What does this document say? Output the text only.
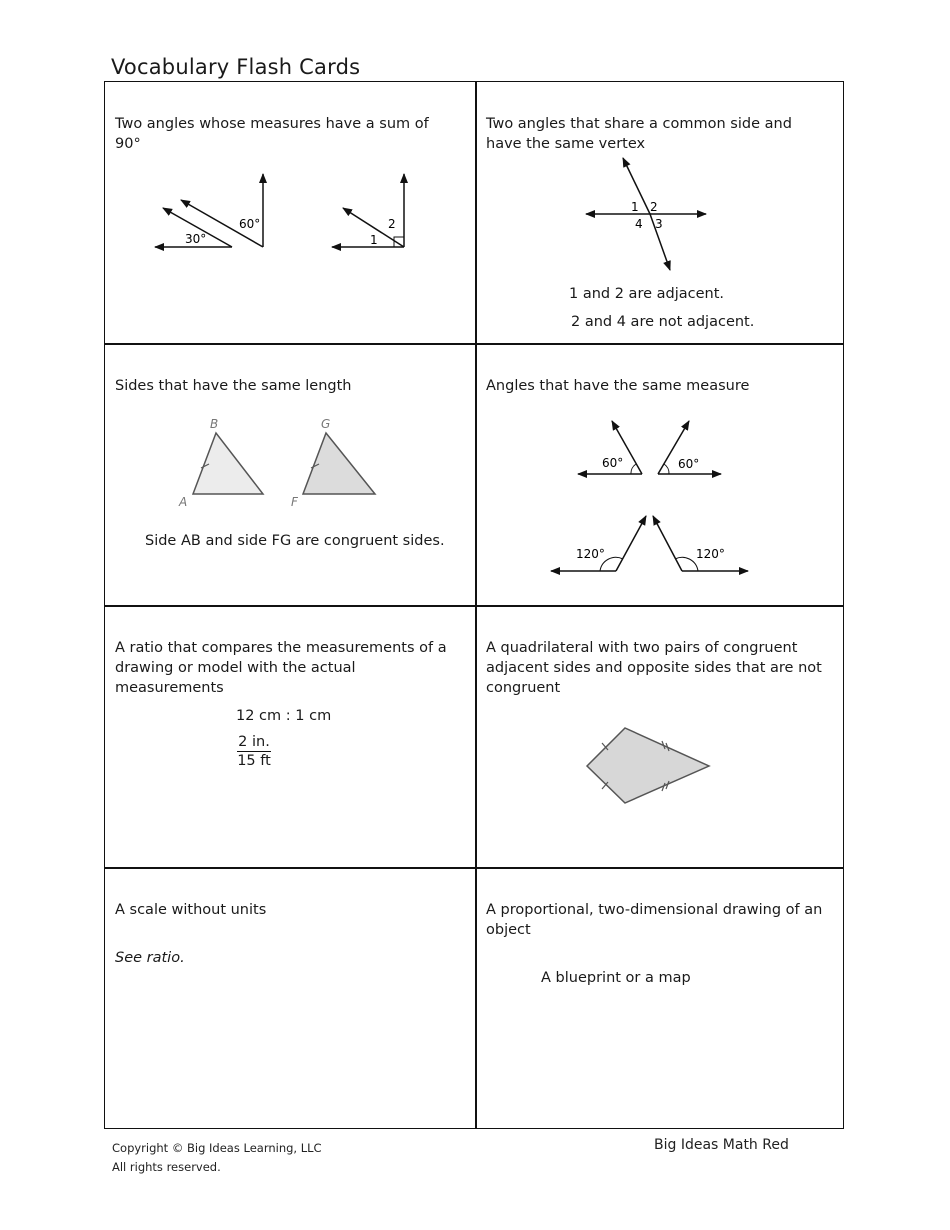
Vocabulary Flash Cards
Two angles whose measures have a sum of 90°
30°
60°
1
2
Two angles that share a common side and have the same vertex
1 2
3
4
1 and 2 are adjacent.
2 and 4 are not adjacent.
Sides that have the same length
B
A
G
F
Side AB and side FG are congruent sides.
Angles that have the same measure
60°	60°
120°	120°
A ratio that compares the measurements of a drawing or model with the actual measurements
12 cm : 1 cm
$\frac{2 in.}{15 ft}$
A quadrilateral with two pairs of congruent adjacent sides and opposite sides that are not congruent
A scale without units
See ratio.
A proportional, two-dimensional drawing of an object
A blueprint or a map
Copyright © Big Ideas Learning, LLC
All rights reserved.
Big Ideas Math Red
